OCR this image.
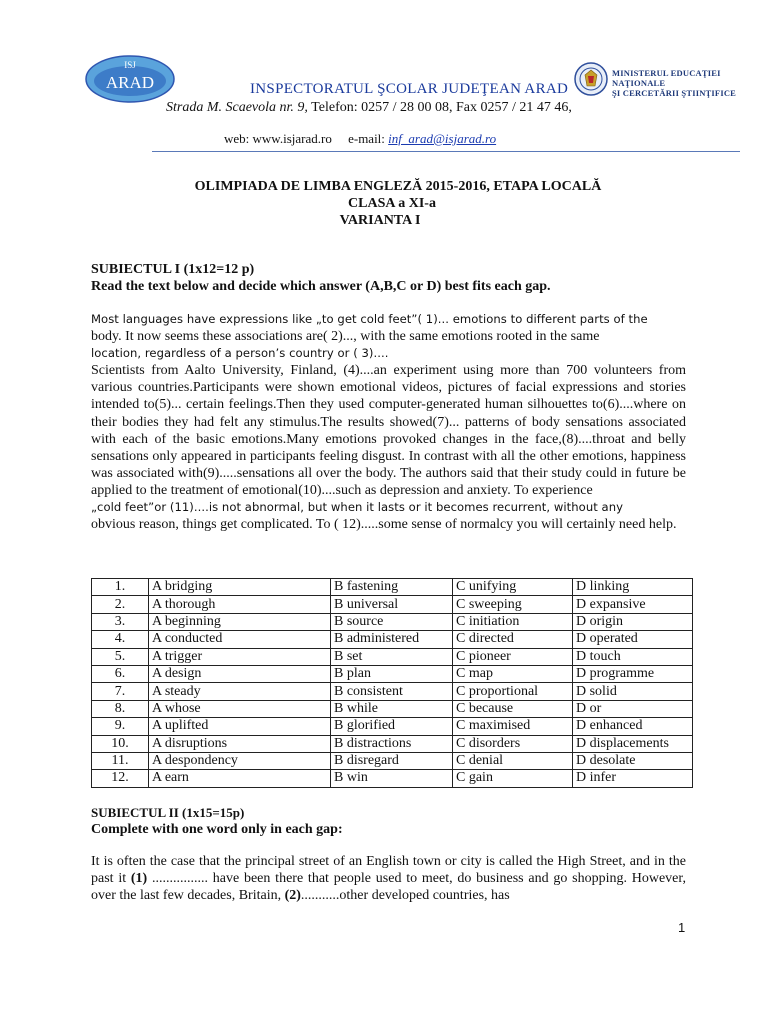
ISJ
ARAD	MINISTERUL EDUCAŢIEI NAŢIONALE
ŞI CERCETĂRII ŞTIINŢIFICE
INSPECTORATUL ŞCOLAR JUDEŢEAN ARAD
Strada M. Scaevola nr. 9, Telefon: 0257 / 28 00 08, Fax 0257 / 21 47 46,
web: www.isjarad.ro e-mail: inf_arad@isjarad.ro
OLIMPIADA DE LIMBA ENGLEZĂ 2015-2016, ETAPA LOCALĂ
CLASA a XI-a
VARIANTA I
SUBIECTUL I (1x12=12 p)
Read the text below and decide which answer (A,B,C or D) best fits each gap.
Most languages have expressions like „to get cold feet”( 1)... emotions to different parts of the
body. It now seems these associations are( 2)..., with the same emotions rooted in the same
location, regardless of a person’s country or ( 3)....
Scientists from Aalto University, Finland, (4)....an experiment using more than 700 volunteers from various countries.Participants were shown emotional videos, pictures of facial expressions and stories intended to(5)... certain feelings.Then they used computer-generated human silhouettes to(6)....where on their bodies they had felt any stimulus.The results showed(7)... patterns of body sensations associated with each of the basic emotions.Many emotions provoked changes in the face,(8)....throat and belly sensations only appeared in participants feeling disgust. In contrast with all the other emotions, happiness was associated with(9).....sensations all over the body. The authors said that their study could in future be applied to the treatment of emotional(10)....such as depression and anxiety. To experience
„cold feet”or (11)....is not abnormal, but when it lasts or it becomes recurrent, without any
obvious reason, things get complicated. To ( 12).....some sense of normalcy you will certainly need help.
1.	A bridging	B fastening	C unifying	D linking
2.	A thorough	B universal	C sweeping	D expansive
3.	A beginning	B source	C initiation	D origin
4.	A conducted	B administered	C directed	D operated
5.	A trigger	B set	C pioneer	D touch
6.	A design	B plan	C map	D programme
7.	A steady	B consistent	C proportional	D solid
8.	A whose	B while	C because	D or
9.	A uplifted	B glorified	C maximised	D enhanced
10.	A disruptions	B distractions	C disorders	D displacements
11.	A despondency	B disregard	C denial	D desolate
12.	A earn	B win	C gain	D infer
SUBIECTUL II (1x15=15p)
Complete with one word only in each gap:
It is often the case that the principal street of an English town or city is called the High Street, and in the past it (1) ................ have been there that people used to meet, do business and go shopping. However, over the last few decades, Britain, (2)...........other developed countries, has
1
